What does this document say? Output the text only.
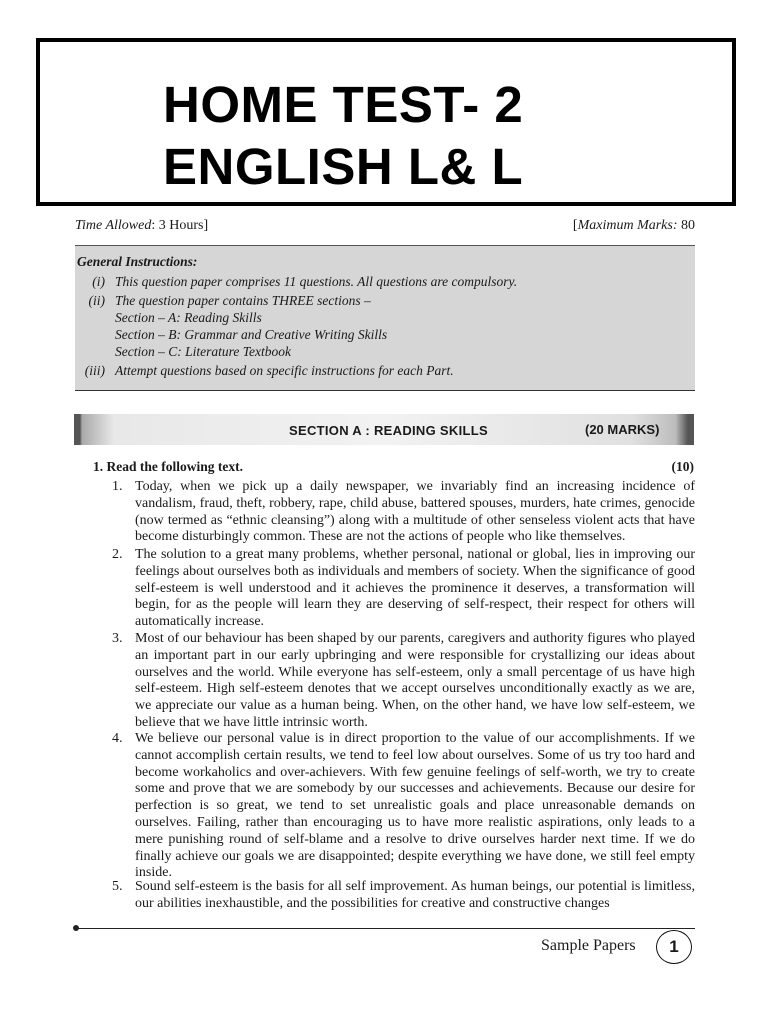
HOME TEST- 2
ENGLISH L& L
Time Allowed: 3 Hours]	[Maximum Marks: 80
General Instructions:
(i) This question paper comprises 11 questions. All questions are compulsory.
(ii) The question paper contains THREE sections –
Section – A: Reading Skills
Section – B: Grammar and Creative Writing Skills
Section – C: Literature Textbook
(iii) Attempt questions based on specific instructions for each Part.
SECTION A : READING SKILLS	(20 MARKS)
1. Read the following text.	(10)
1. Today, when we pick up a daily newspaper, we invariably find an increasing incidence of vandalism, fraud, theft, robbery, rape, child abuse, battered spouses, murders, hate crimes, genocide (now termed as “ethnic cleansing”) along with a multitude of other senseless violent acts that have become disturbingly common. These are not the actions of people who like themselves.
2. The solution to a great many problems, whether personal, national or global, lies in improving our feelings about ourselves both as individuals and members of society. When the significance of good self-esteem is well understood and it achieves the prominence it deserves, a transformation will begin, for as the people will learn they are deserving of self-respect, their respect for others will automatically increase.
3. Most of our behaviour has been shaped by our parents, caregivers and authority figures who played an important part in our early upbringing and were responsible for crystallizing our ideas about ourselves and the world. While everyone has self-esteem, only a small percentage of us have high self-esteem. High self-esteem denotes that we accept ourselves unconditionally exactly as we are, we appreciate our value as a human being. When, on the other hand, we have low self-esteem, we believe that we have little intrinsic worth.
4. We believe our personal value is in direct proportion to the value of our accomplishments. If we cannot accomplish certain results, we tend to feel low about ourselves. Some of us try too hard and become workaholics and over-achievers. With few genuine feelings of self-worth, we try to create some and prove that we are somebody by our successes and achievements. Because our desire for perfection is so great, we tend to set unrealistic goals and place unreasonable demands on ourselves. Failing, rather than encouraging us to have more realistic aspirations, only leads to a mere punishing round of self-blame and a resolve to drive ourselves harder next time. If we do finally achieve our goals we are disappointed; despite everything we have done, we still feel empty inside.
5. Sound self-esteem is the basis for all self improvement. As human beings, our potential is limitless, our abilities inexhaustible, and the possibilities for creative and constructive changes
Sample Papers	1
